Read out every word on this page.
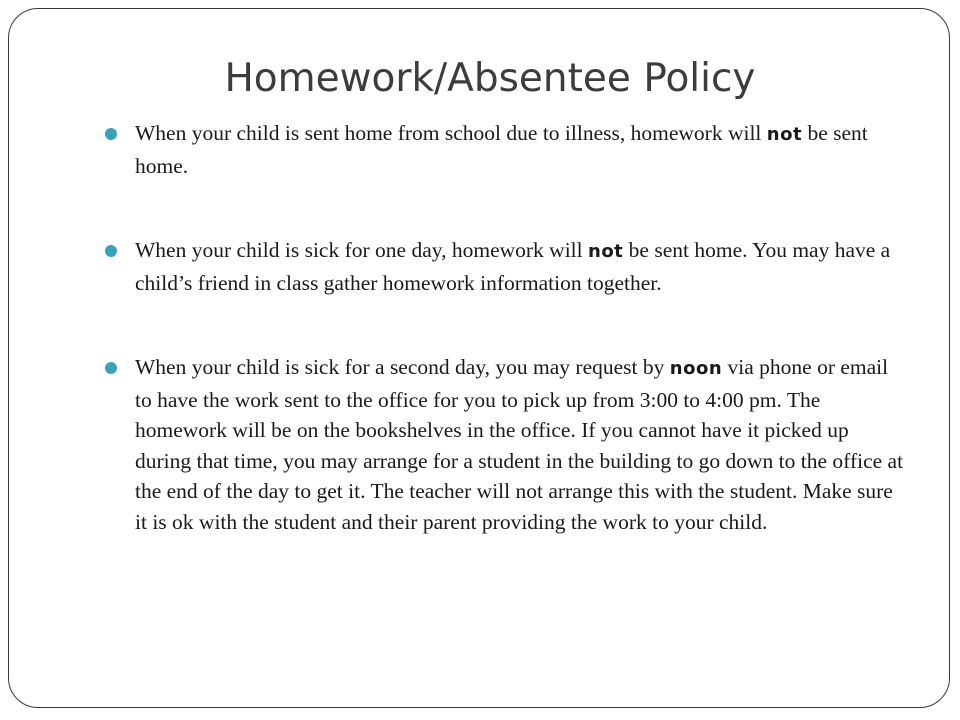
Homework/Absentee Policy
When your child is sent home from school due to illness, homework will not be sent home.
When your child is sick for one day, homework will not be sent home. You may have a child’s friend in class gather homework information together.
When your child is sick for a second day, you may request by noon via phone or email to have the work sent to the office for you to pick up from 3:00 to 4:00 pm. The homework will be on the bookshelves in the office. If you cannot have it picked up during that time, you may arrange for a student in the building to go down to the office at the end of the day to get it. The teacher will not arrange this with the student. Make sure it is ok with the student and their parent providing the work to your child.
